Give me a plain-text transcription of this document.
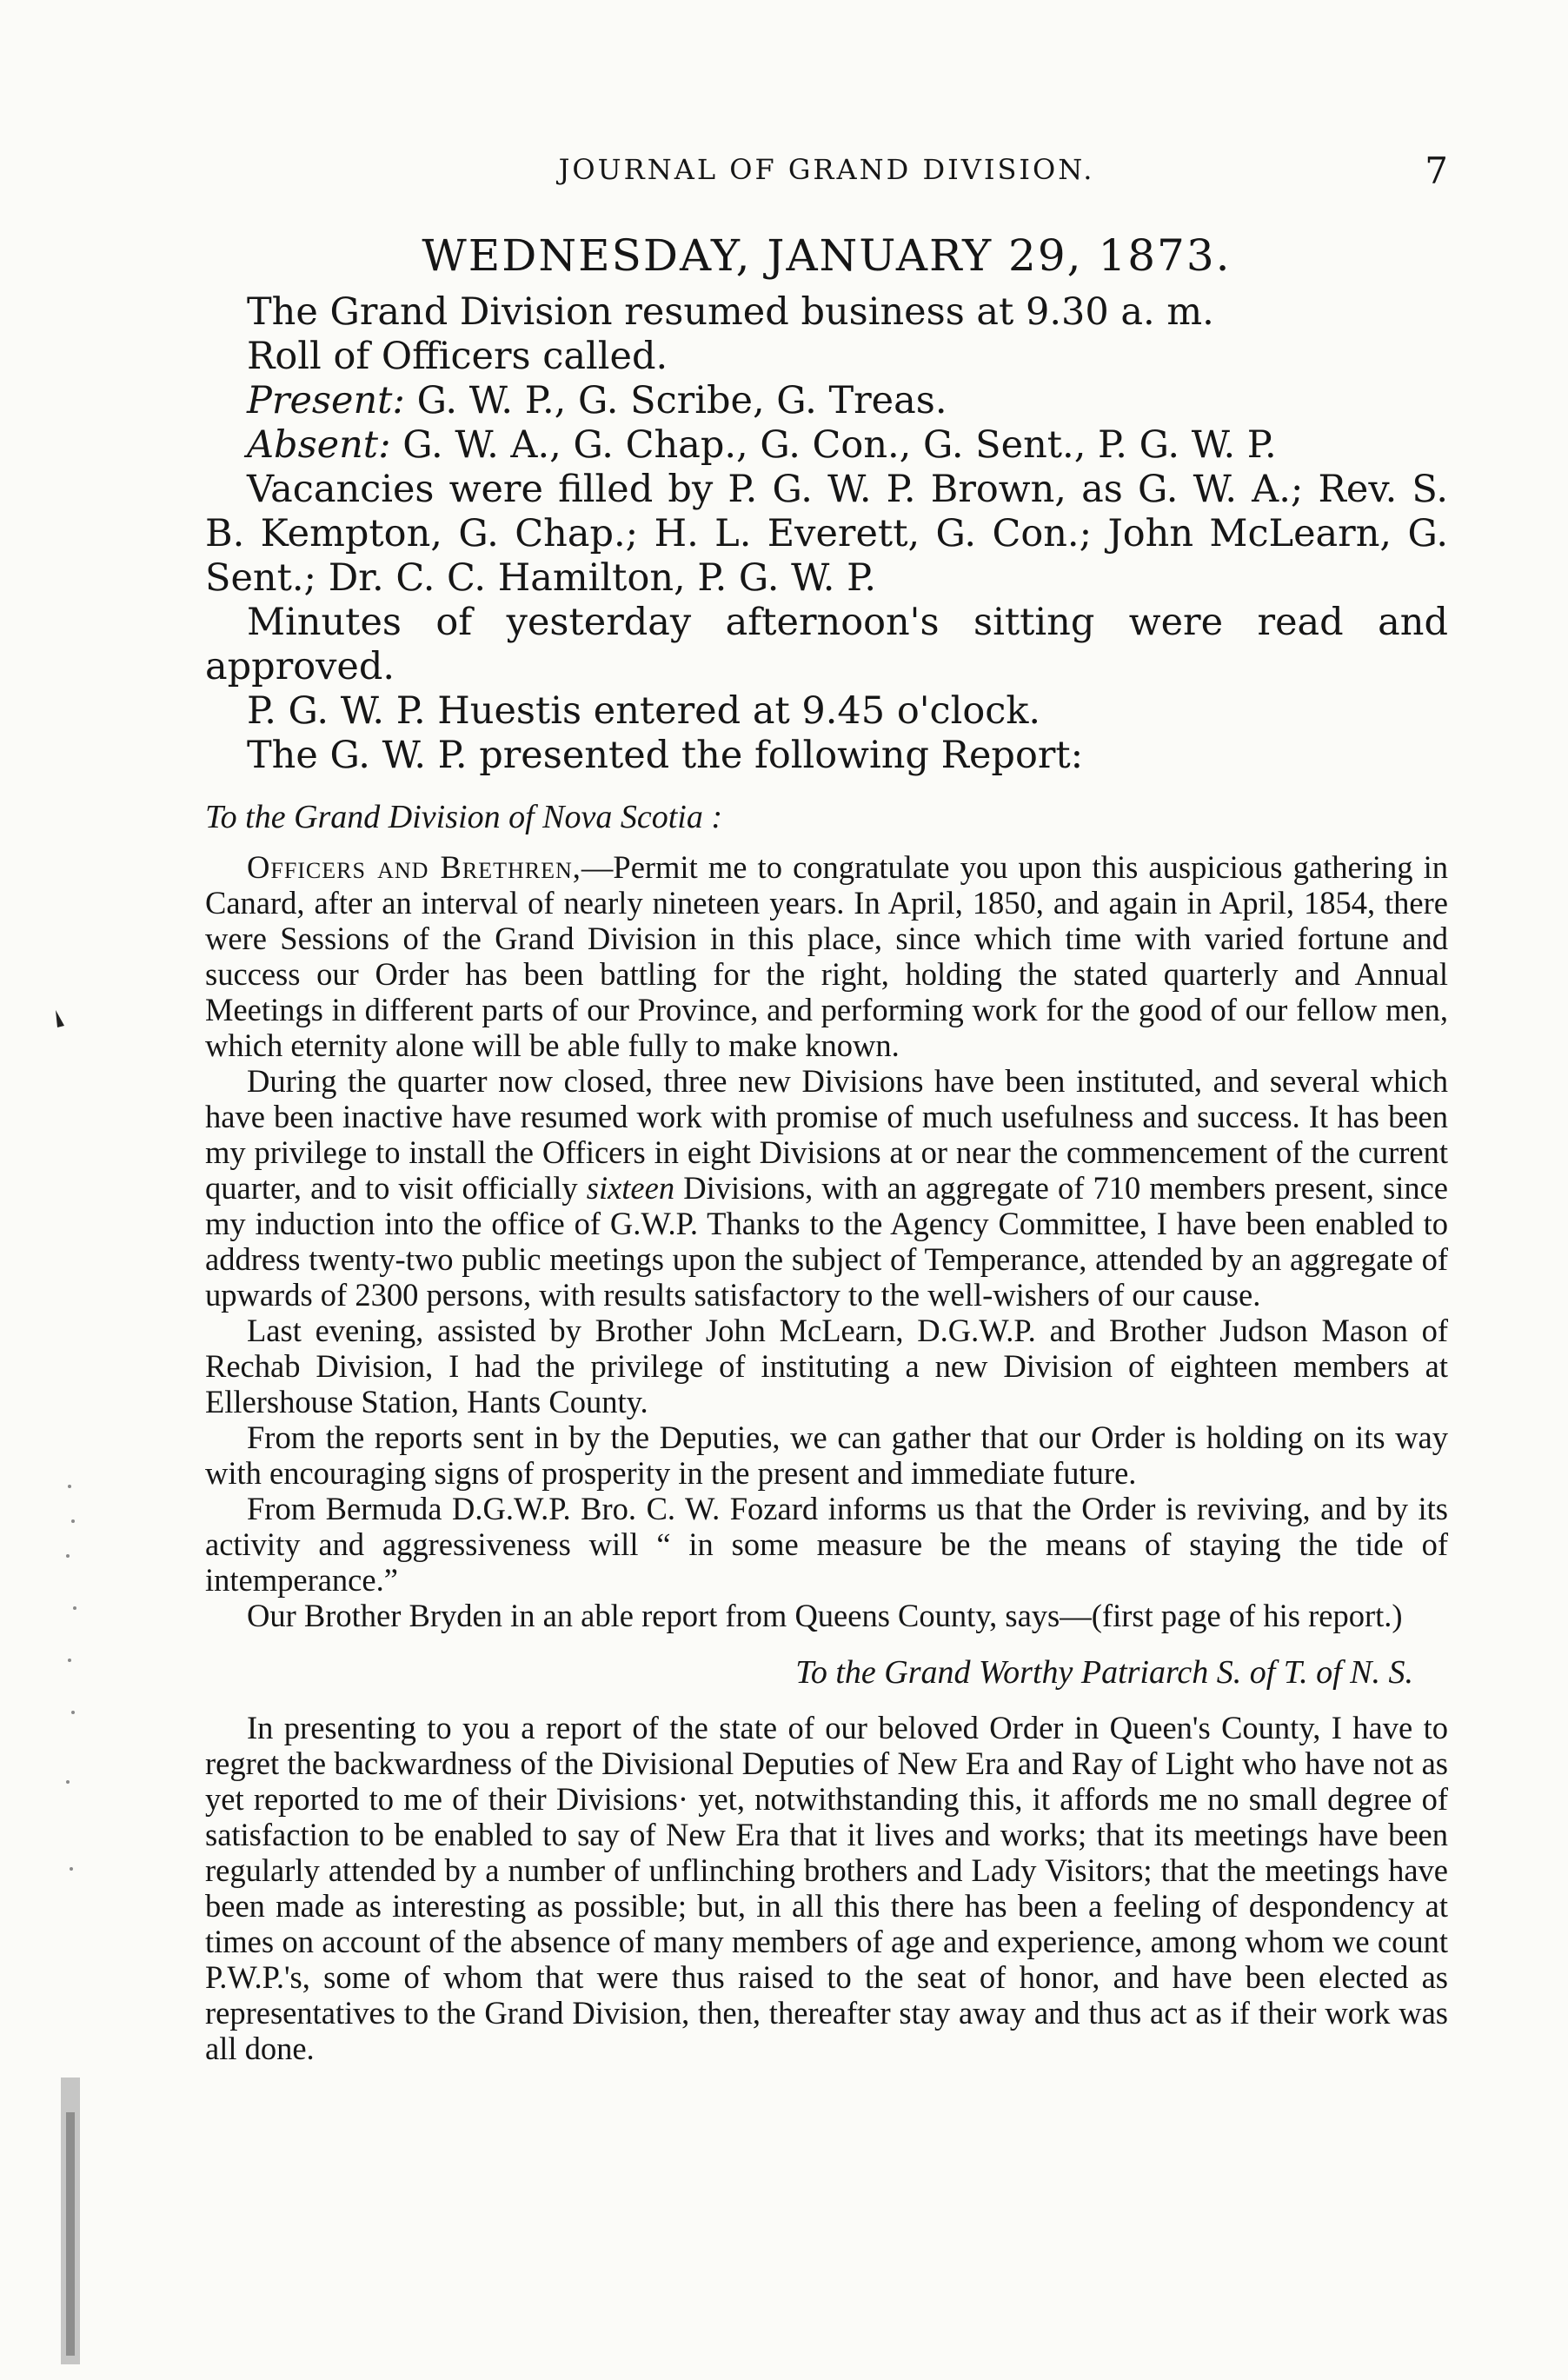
JOURNAL OF GRAND DIVISION.	7
WEDNESDAY, JANUARY 29, 1873.

The Grand Division resumed business at 9.30 a. m.

Roll of Officers called.

Present: G. W. P., G. Scribe, G. Treas.

Absent: G. W. A., G. Chap., G. Con., G. Sent., P. G. W. P.

Vacancies were filled by P. G. W. P. Brown, as G. W. A.; Rev. S. B. Kempton, G. Chap.; H. L. Everett, G. Con.; John McLearn, G. Sent.; Dr. C. C. Hamilton, P. G. W. P.

Minutes of yesterday afternoon's sitting were read and approved.

P. G. W. P. Huestis entered at 9.45 o'clock.

The G. W. P. presented the following Report:

To the Grand Division of Nova Scotia :

Officers and Brethren,—Permit me to congratulate you upon this auspicious gathering in Canard, after an interval of nearly nineteen years. In April, 1850, and again in April, 1854, there were Sessions of the Grand Division in this place, since which time with varied fortune and success our Order has been battling for the right, holding the stated quarterly and Annual Meetings in different parts of our Province, and performing work for the good of our fellow men, which eternity alone will be able fully to make known.

During the quarter now closed, three new Divisions have been instituted, and several which have been inactive have resumed work with promise of much usefulness and success. It has been my privilege to install the Officers in eight Divisions at or near the commencement of the current quarter, and to visit officially sixteen Divisions, with an aggregate of 710 members present, since my induction into the office of G.W.P. Thanks to the Agency Committee, I have been enabled to address twenty-two public meetings upon the subject of Temperance, attended by an aggregate of upwards of 2300 persons, with results satisfactory to the well-wishers of our cause.

Last evening, assisted by Brother John McLearn, D.G.W.P. and Brother Judson Mason of Rechab Division, I had the privilege of instituting a new Division of eighteen members at Ellershouse Station, Hants County.

From the reports sent in by the Deputies, we can gather that our Order is holding on its way with encouraging signs of prosperity in the present and immediate future.

From Bermuda D.G.W.P. Bro. C. W. Fozard informs us that the Order is reviving, and by its activity and aggressiveness will “ in some measure be the means of staying the tide of intemperance.”

Our Brother Bryden in an able report from Queens County, says—(first page of his report.)

To the Grand Worthy Patriarch S. of T. of N. S.

In presenting to you a report of the state of our beloved Order in Queen's County, I have to regret the backwardness of the Divisional Deputies of New Era and Ray of Light who have not as yet reported to me of their Divisions· yet, notwithstanding this, it affords me no small degree of satisfaction to be enabled to say of New Era that it lives and works; that its meetings have been regularly attended by a number of unflinching brothers and Lady Visitors; that the meetings have been made as interesting as possible; but, in all this there has been a feeling of despondency at times on account of the absence of many members of age and experience, among whom we count P.W.P.'s, some of whom that were thus raised to the seat of honor, and have been elected as representatives to the Grand Division, then, thereafter stay away and thus act as if their work was all done.
